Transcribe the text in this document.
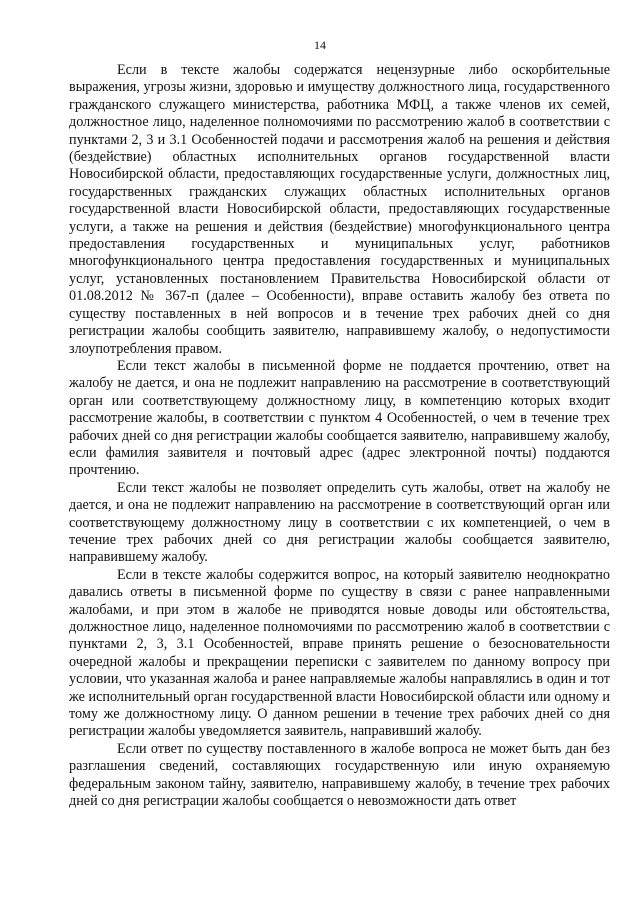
14

Если в тексте жалобы содержатся нецензурные либо оскорбительные выражения, угрозы жизни, здоровью и имуществу должностного лица, государственного гражданского служащего министерства, работника МФЦ, а также членов их семей, должностное лицо, наделенное полномочиями по рассмотрению жалоб в соответствии с пунктами 2, 3 и 3.1 Особенностей подачи и рассмотрения жалоб на решения и действия (бездействие) областных исполнительных органов государственной власти Новосибирской области, предоставляющих государственные услуги, должностных лиц, государственных гражданских служащих областных исполнительных органов государственной власти Новосибирской области, предоставляющих государственные услуги, а также на решения и действия (бездействие) многофункционального центра предоставления государственных и муниципальных услуг, работников многофункционального центра предоставления государственных и муниципальных услуг, установленных постановлением Правительства Новосибирской области от 01.08.2012 № 367-п (далее – Особенности), вправе оставить жалобу без ответа по существу поставленных в ней вопросов и в течение трех рабочих дней со дня регистрации жалобы сообщить заявителю, направившему жалобу, о недопустимости злоупотребления правом.

Если текст жалобы в письменной форме не поддается прочтению, ответ на жалобу не дается, и она не подлежит направлению на рассмотрение в соответствующий орган или соответствующему должностному лицу, в компетенцию которых входит рассмотрение жалобы, в соответствии с пунктом 4 Особенностей, о чем в течение трех рабочих дней со дня регистрации жалобы сообщается заявителю, направившему жалобу, если фамилия заявителя и почтовый адрес (адрес электронной почты) поддаются прочтению.

Если текст жалобы не позволяет определить суть жалобы, ответ на жалобу не дается, и она не подлежит направлению на рассмотрение в соответствующий орган или соответствующему должностному лицу в соответствии с их компетенцией, о чем в течение трех рабочих дней со дня регистрации жалобы сообщается заявителю, направившему жалобу.

Если в тексте жалобы содержится вопрос, на который заявителю неоднократно давались ответы в письменной форме по существу в связи с ранее направленными жалобами, и при этом в жалобе не приводятся новые доводы или обстоятельства, должностное лицо, наделенное полномочиями по рассмотрению жалоб в соответствии с пунктами 2, 3, 3.1 Особенностей, вправе принять решение о безосновательности очередной жалобы и прекращении переписки с заявителем по данному вопросу при условии, что указанная жалоба и ранее направляемые жалобы направлялись в один и тот же исполнительный орган государственной власти Новосибирской области или одному и тому же должностному лицу. О данном решении в течение трех рабочих дней со дня регистрации жалобы уведомляется заявитель, направивший жалобу.

Если ответ по существу поставленного в жалобе вопроса не может быть дан без разглашения сведений, составляющих государственную или иную охраняемую федеральным законом тайну, заявителю, направившему жалобу, в течение трех рабочих дней со дня регистрации жалобы сообщается о невозможности дать ответ
